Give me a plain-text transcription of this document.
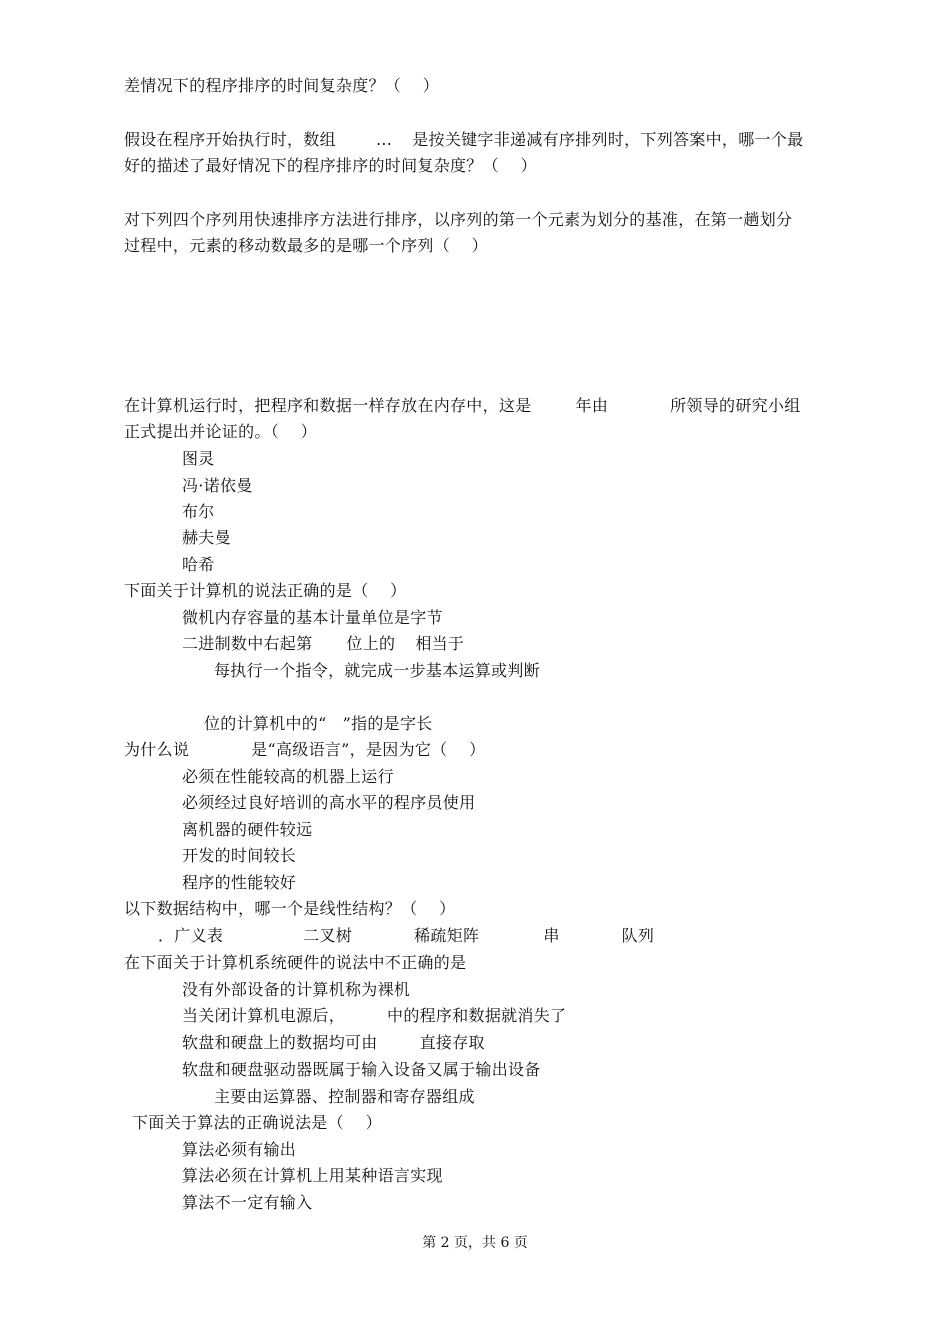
差情况下的程序排序的时间复杂度？（　 ）
假设在程序开始执行时，数组	… 是按关键字非递减有序排列时，下列答案中，哪一个最
好的描述了最好情况下的程序排序的时间复杂度？（　 ）
对下列四个序列用快速排序方法进行排序，以序列的第一个元素为划分的基准，在第一趟划分
过程中，元素的移动数最多的是哪一个序列（　 ）
在计算机运行时，把程序和数据一样存放在内存中，这是	年由	所领导的研究小组
正式提出并论证的。（　 ）
图灵
冯·诺依曼
布尔
赫夫曼
哈希
下面关于计算机的说法正确的是（　 ）
微机内存容量的基本计量单位是字节
二进制数中右起第 位上的 相当于
每执行一个指令，就完成一步基本运算或判断
位的计算机中的“ ”指的是字长
为什么说	是“高级语言”，是因为它（　 ）
必须在性能较高的机器上运行
必须经过良好培训的高水平的程序员使用
离机器的硬件较远
开发的时间较长
程序的性能较好
以下数据结构中，哪一个是线性结构？（　 ）
．广义表	二叉树	稀疏矩阵	串	队列
在下面关于计算机系统硬件的说法中不正确的是
没有外部设备的计算机称为裸机
当关闭计算机电源后，	中的程序和数据就消失了
软盘和硬盘上的数据均可由	直接存取
软盘和硬盘驱动器既属于输入设备又属于输出设备
主要由运算器、控制器和寄存器组成
下面关于算法的正确说法是（　 ）
算法必须有输出
算法必须在计算机上用某种语言实现
算法不一定有输入
第 2 页，共 6 页
